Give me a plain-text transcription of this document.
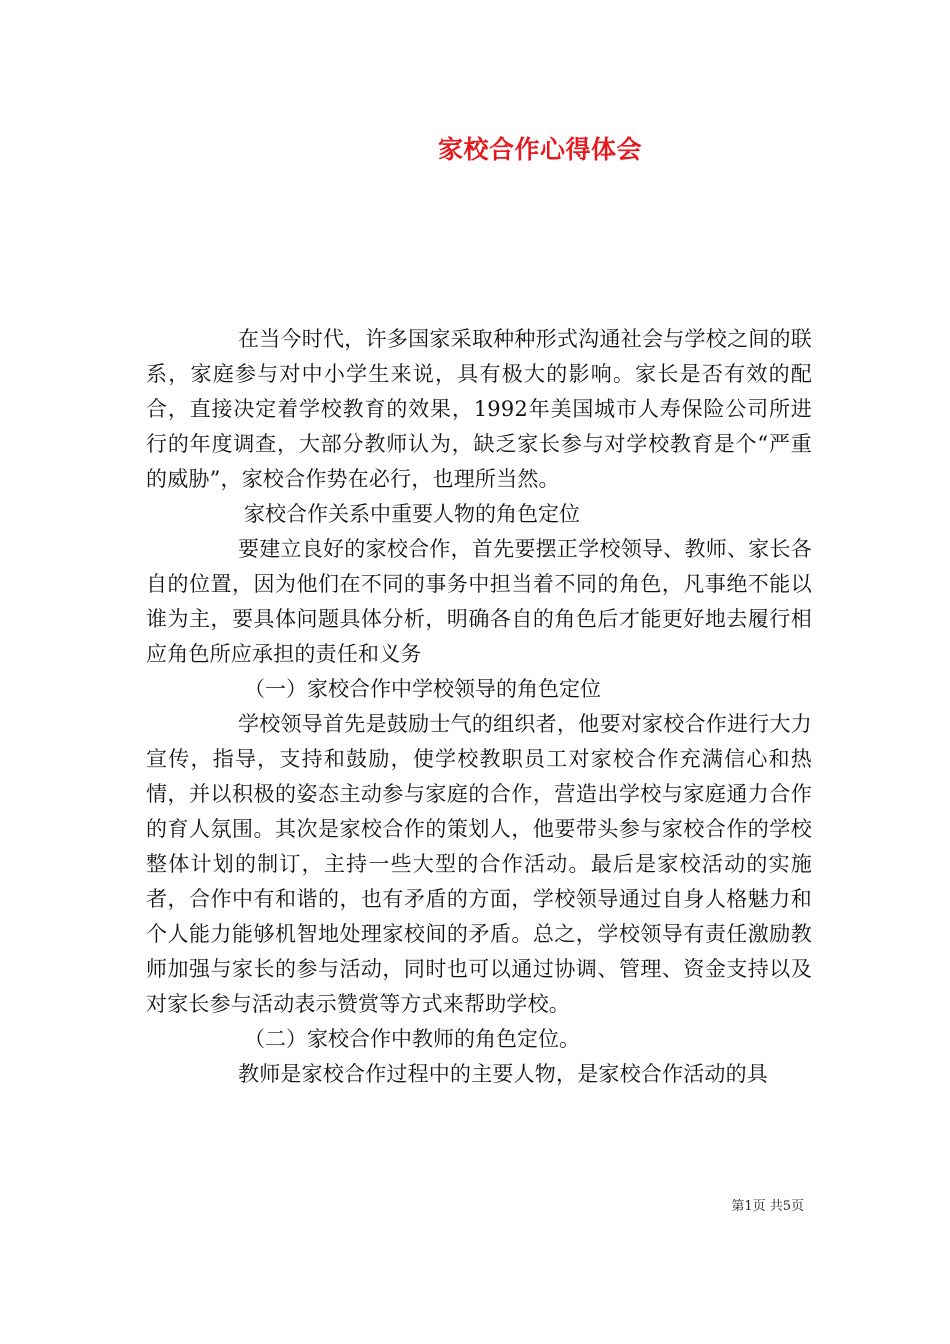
家校合作心得体会

在当今时代，许多国家采取种种形式沟通社会与学校之间的联系，家庭参与对中小学生来说，具有极大的影响。家长是否有效的配合，直接决定着学校教育的效果，1992年美国城市人寿保险公司所进行的年度调查，大部分教师认为，缺乏家长参与对学校教育是个“严重的威胁”，家校合作势在必行，也理所当然。

家校合作关系中重要人物的角色定位

要建立良好的家校合作，首先要摆正学校领导、教师、家长各自的位置，因为他们在不同的事务中担当着不同的角色，凡事绝不能以谁为主，要具体问题具体分析，明确各自的角色后才能更好地去履行相应角色所应承担的责任和义务

（一）家校合作中学校领导的角色定位

学校领导首先是鼓励士气的组织者，他要对家校合作进行大力宣传，指导，支持和鼓励，使学校教职员工对家校合作充满信心和热情，并以积极的姿态主动参与家庭的合作，营造出学校与家庭通力合作的育人氛围。其次是家校合作的策划人，他要带头参与家校合作的学校整体计划的制订，主持一些大型的合作活动。最后是家校活动的实施者，合作中有和谐的，也有矛盾的方面，学校领导通过自身人格魅力和个人能力能够机智地处理家校间的矛盾。总之，学校领导有责任激励教师加强与家长的参与活动，同时也可以通过协调、管理、资金支持以及对家长参与活动表示赞赏等方式来帮助学校。

（二）家校合作中教师的角色定位。

教师是家校合作过程中的主要人物，是家校合作活动的具

第1页 共5页
